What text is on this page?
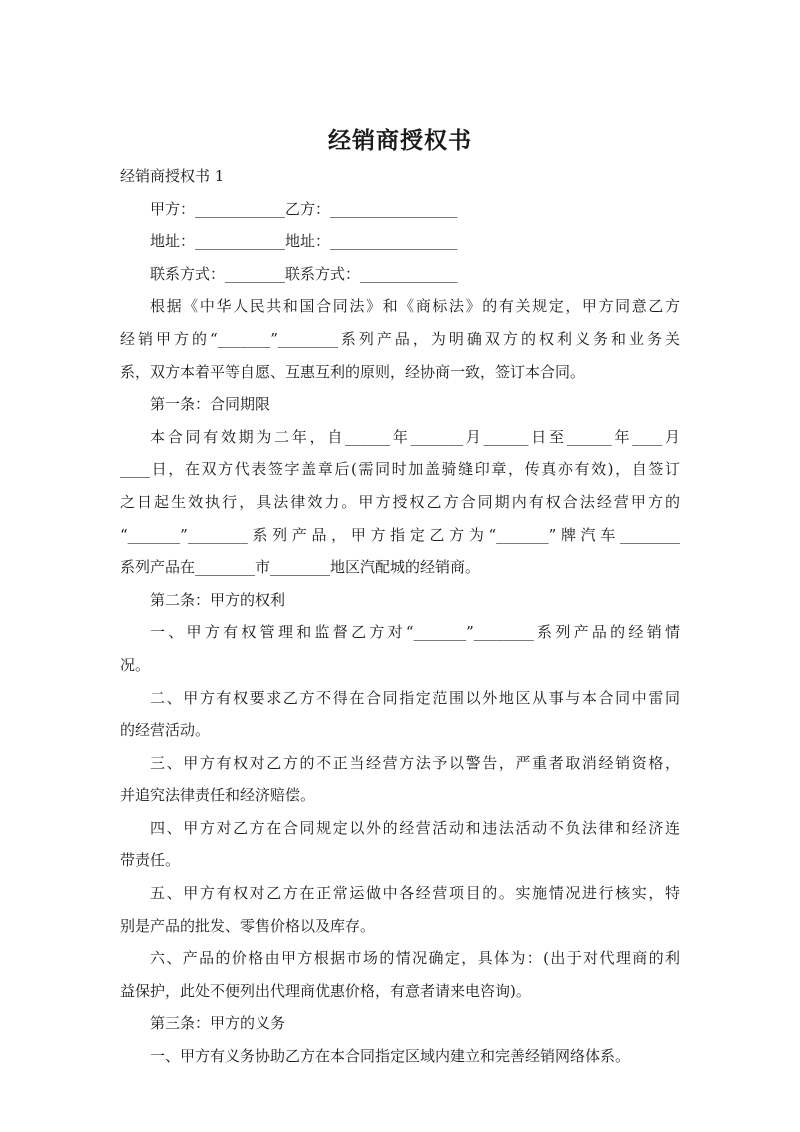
经销商授权书

经销商授权书 1

甲方：____________乙方：_________________

地址：____________地址：_________________

联系方式：________联系方式：_____________

根据《中华人民共和国合同法》和《商标法》的有关规定，甲方同意乙方

经销甲方的“_______”________系列产品，为明确双方的权利义务和业务关

系，双方本着平等自愿、互惠互利的原则，经协商一致，签订本合同。

第一条：合同期限

本合同有效期为二年，自______年_______月______日至______年____月

____日，在双方代表签字盖章后(需同时加盖骑缝印章，传真亦有效)，自签订

之日起生效执行，具法律效力。甲方授权乙方合同期内有权合法经营甲方的

“_______”________系列产品，甲方指定乙方为“_______”牌汽车________

系列产品在________市________地区汽配城的经销商。

第二条：甲方的权利

一、甲方有权管理和监督乙方对“_______”________系列产品的经销情

况。

二、甲方有权要求乙方不得在合同指定范围以外地区从事与本合同中雷同

的经营活动。

三、甲方有权对乙方的不正当经营方法予以警告，严重者取消经销资格，

并追究法律责任和经济赔偿。

四、甲方对乙方在合同规定以外的经营活动和违法活动不负法律和经济连

带责任。

五、甲方有权对乙方在正常运做中各经营项目的。实施情况进行核实，特

别是产品的批发、零售价格以及库存。

六、产品的价格由甲方根据市场的情况确定，具体为：(出于对代理商的利

益保护，此处不便列出代理商优惠价格，有意者请来电咨询)。

第三条：甲方的义务

一、甲方有义务协助乙方在本合同指定区域内建立和完善经销网络体系。
